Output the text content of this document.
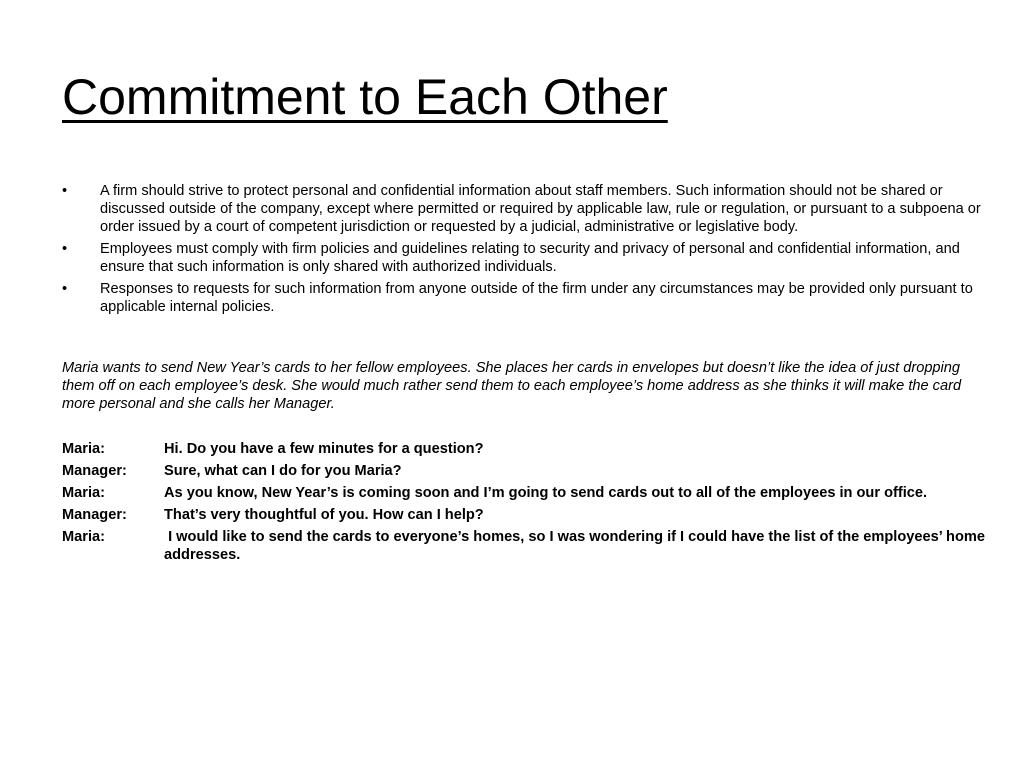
Commitment to Each Other
• A firm should strive to protect personal and confidential information about staff members. Such information should not be shared or discussed outside of the company, except where permitted or required by applicable law, rule or regulation, or pursuant to a subpoena or order issued by a court of competent jurisdiction or requested by a judicial, administrative or legislative body.
• Employees must comply with firm policies and guidelines relating to security and privacy of personal and confidential information, and ensure that such information is only shared with authorized individuals.
• Responses to requests for such information from anyone outside of the firm under any circumstances may be provided only pursuant to applicable internal policies.

Maria wants to send New Year’s cards to her fellow employees. She places her cards in envelopes but doesn’t like the idea of just dropping them off on each employee’s desk. She would much rather send them to each employee’s home address as she thinks it will make the card more personal and she calls her Manager.

Maria:	Hi. Do you have a few minutes for a question?
Manager:	Sure, what can I do for you Maria?
Maria:	As you know, New Year’s is coming soon and I’m going to send cards out to all of the employees in our office.
Manager:	That’s very thoughtful of you. How can I help?
Maria:	I would like to send the cards to everyone’s homes, so I was wondering if I could have the list of the employees’ home addresses.
